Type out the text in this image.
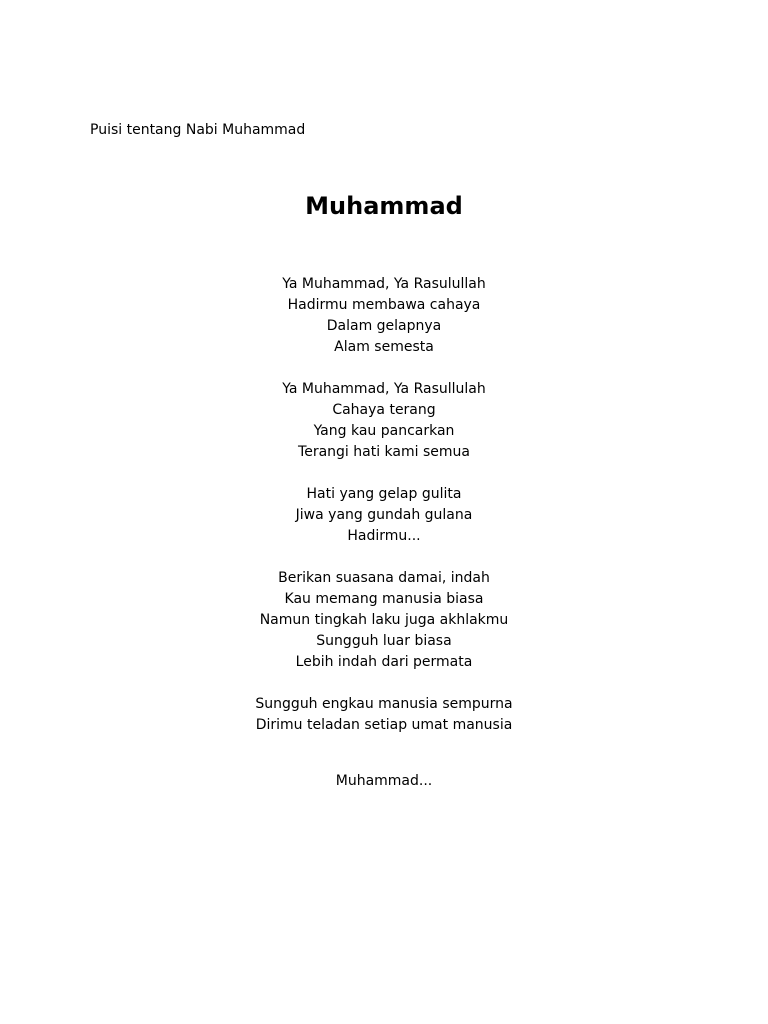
Puisi tentang Nabi Muhammad
Muhammad
Ya Muhammad, Ya Rasulullah
Hadirmu membawa cahaya
Dalam gelapnya
Alam semesta
Ya Muhammad, Ya Rasullulah
Cahaya terang
Yang kau pancarkan
Terangi hati kami semua
Hati yang gelap gulita
Jiwa yang gundah gulana
Hadirmu...
Berikan suasana damai, indah
Kau memang manusia biasa
Namun tingkah laku juga akhlakmu
Sungguh luar biasa
Lebih indah dari permata
Sungguh engkau manusia sempurna
Dirimu teladan setiap umat manusia
Muhammad...
